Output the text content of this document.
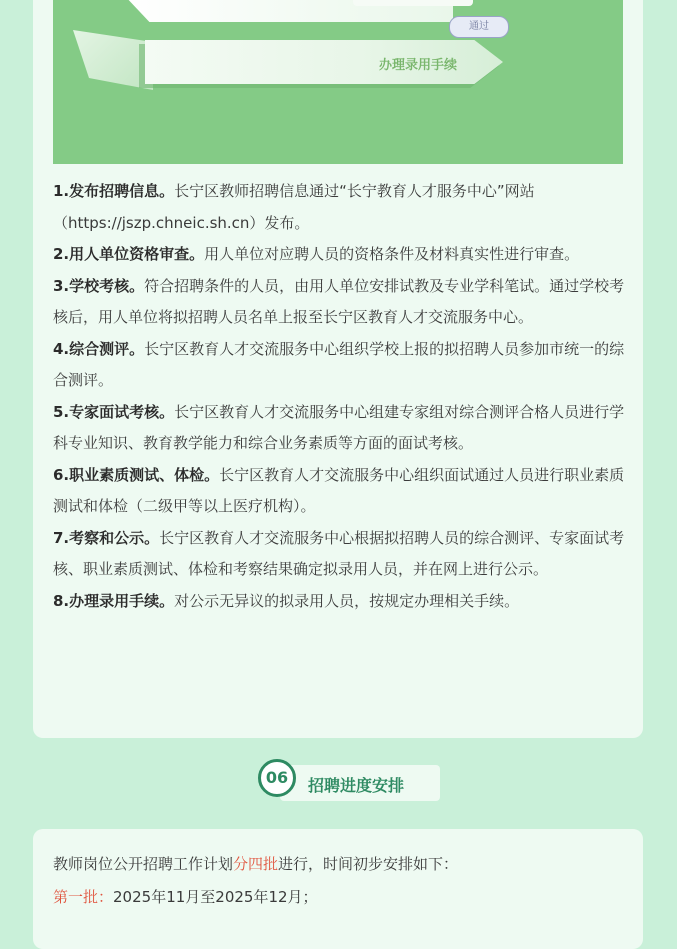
通过
办理录用手续

1.发布招聘信息。长宁区教师招聘信息通过“长宁教育人才服务中心”网站（https://jszp.chneic.sh.cn）发布。

2.用人单位资格审查。用人单位对应聘人员的资格条件及材料真实性进行审查。

3.学校考核。符合招聘条件的人员，由用人单位安排试教及专业学科笔试。通过学校考核后，用人单位将拟招聘人员名单上报至长宁区教育人才交流服务中心。

4.综合测评。长宁区教育人才交流服务中心组织学校上报的拟招聘人员参加市统一的综合测评。

5.专家面试考核。长宁区教育人才交流服务中心组建专家组对综合测评合格人员进行学科专业知识、教育教学能力和综合业务素质等方面的面试考核。

6.职业素质测试、体检。长宁区教育人才交流服务中心组织面试通过人员进行职业素质测试和体检（二级甲等以上医疗机构）。

7.考察和公示。长宁区教育人才交流服务中心根据拟招聘人员的综合测评、专家面试考核、职业素质测试、体检和考察结果确定拟录用人员，并在网上进行公示。

8.办理录用手续。对公示无异议的拟录用人员，按规定办理相关手续。

06	招聘进度安排

教师岗位公开招聘工作计划分四批进行，时间初步安排如下：

第一批：2025年11月至2025年12月；
